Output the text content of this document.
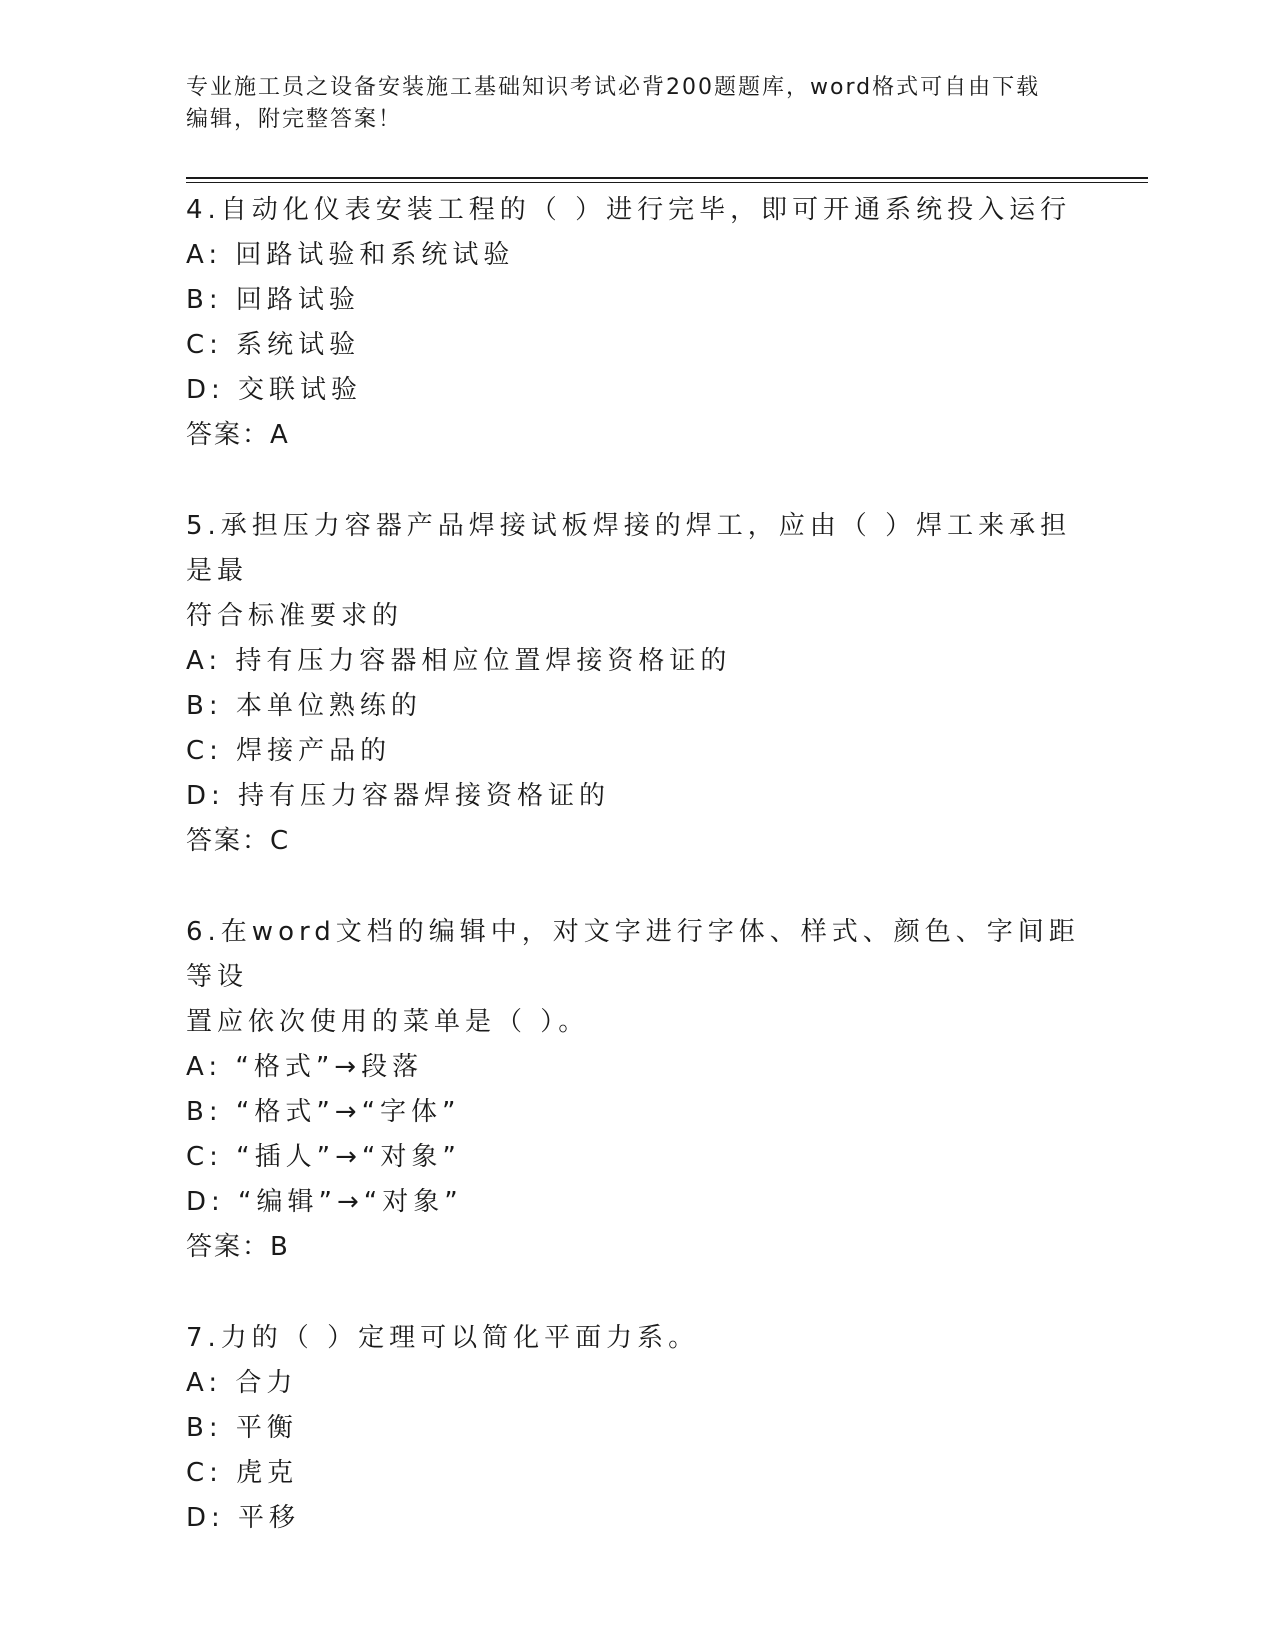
专业施工员之设备安装施工基础知识考试必背200题题库，word格式可自由下载
编辑，附完整答案！
4.自动化仪表安装工程的（ ）进行完毕，即可开通系统投入运行
A: 回路试验和系统试验
B: 回路试验
C: 系统试验
D: 交联试验
答案：A
5.承担压力容器产品焊接试板焊接的焊工，应由（ ）焊工来承担是最
符合标准要求的
A: 持有压力容器相应位置焊接资格证的
B: 本单位熟练的
C: 焊接产品的
D: 持有压力容器焊接资格证的
答案：C
6.在word文档的编辑中，对文字进行字体、样式、颜色、字间距等设
置应依次使用的菜单是（ ）。
A: “格式”→段落
B: “格式”→“字体”
C: “插人”→“对象”
D: “编辑”→“对象”
答案：B
7.力的（ ）定理可以简化平面力系。
A: 合力
B: 平衡
C: 虎克
D: 平移
